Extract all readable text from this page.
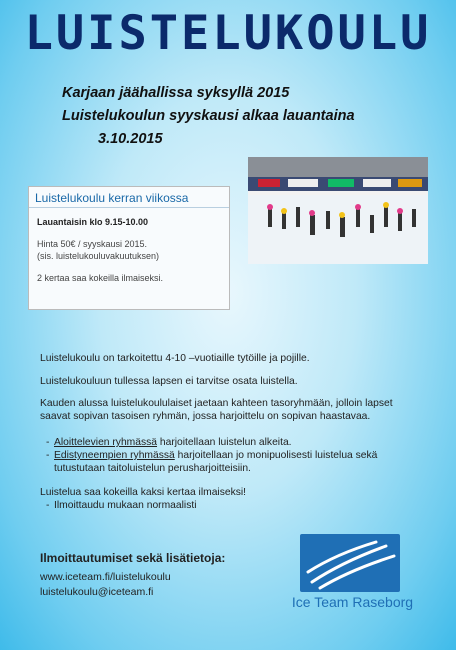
LUISTELUKOULU
Karjaan jäähallissa syksyllä 2015
Luistelukoulun syyskausi alkaa lauantaina
3.10.2015
Luistelukoulu kerran viikossa
Lauantaisin klo 9.15-10.00
Hinta 50€ / syyskausi 2015.
(sis. luistelukouluvakuutuksen)
2 kertaa saa kokeilla ilmaiseksi.
Luistelukoulu on tarkoitettu 4-10 –vuotiaille tytöille ja pojille.
Luistelukouluun tullessa lapsen ei tarvitse osata luistella.
Kauden alussa luistelukoululaiset jaetaan kahteen tasoryhmään, jolloin lapset
saavat sopivan tasoisen ryhmän, jossa harjoittelu on sopivan haastavaa.
- Aloittelevien ryhmässä harjoitellaan luistelun alkeita.
- Edistyneempien ryhmässä harjoitellaan jo monipuolisesti luistelua sekä
tutustutaan taitoluistelun perusharjoitteisiin.
Luistelua saa kokeilla kaksi kertaa ilmaiseksi!
- Ilmoittaudu mukaan normaalisti
Ilmoittautumiset sekä lisätietoja:
www.iceteam.fi/luistelukoulu
luistelukoulu@iceteam.fi
Ice Team Raseborg
